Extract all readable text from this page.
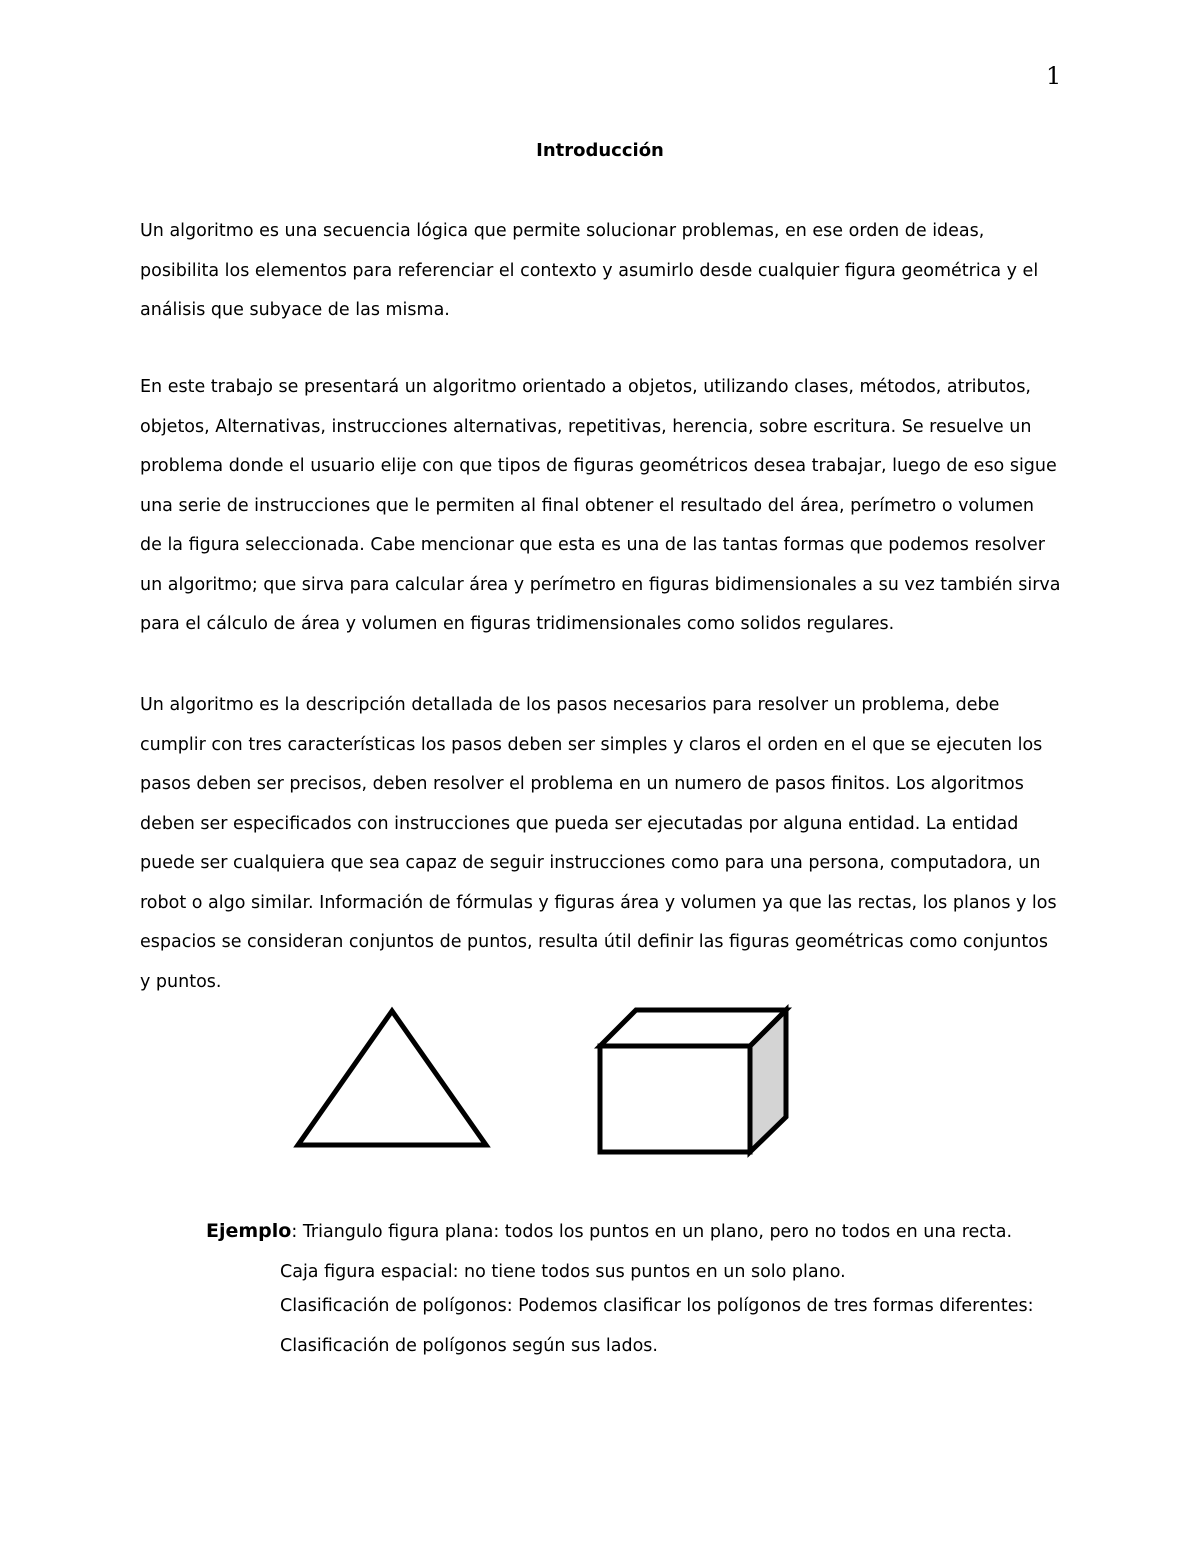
1
Introducción
Un algoritmo es una secuencia lógica que permite solucionar problemas, en ese orden de ideas,
posibilita los elementos para referenciar el contexto y asumirlo desde cualquier figura geométrica y el
análisis que subyace de las misma.
En este trabajo se presentará un algoritmo orientado a objetos, utilizando clases, métodos, atributos,
objetos, Alternativas, instrucciones alternativas, repetitivas, herencia, sobre escritura. Se resuelve un
problema donde el usuario elije con que tipos de figuras geométricos desea trabajar, luego de eso sigue
una serie de instrucciones que le permiten al final obtener el resultado del área, perímetro o volumen
de la figura seleccionada. Cabe mencionar que esta es una de las tantas formas que podemos resolver
un algoritmo; que sirva para calcular área y perímetro en figuras bidimensionales a su vez también sirva
para el cálculo de área y volumen en figuras tridimensionales como solidos regulares.
Un algoritmo es la descripción detallada de los pasos necesarios para resolver un problema, debe
cumplir con tres características los pasos deben ser simples y claros el orden en el que se ejecuten los
pasos deben ser precisos, deben resolver el problema en un numero de pasos finitos. Los algoritmos
deben ser especificados con instrucciones que pueda ser ejecutadas por alguna entidad. La entidad
puede ser cualquiera que sea capaz de seguir instrucciones como para una persona, computadora, un
robot o algo similar. Información de fórmulas y figuras área y volumen ya que las rectas, los planos y los
espacios se consideran conjuntos de puntos, resulta útil definir las figuras geométricas como conjuntos
y puntos.
Ejemplo: Triangulo figura plana: todos los puntos en un plano, pero no todos en una recta.
Caja figura espacial: no tiene todos sus puntos en un solo plano.
Clasificación de polígonos: Podemos clasificar los polígonos de tres formas diferentes:
Clasificación de polígonos según sus lados.
